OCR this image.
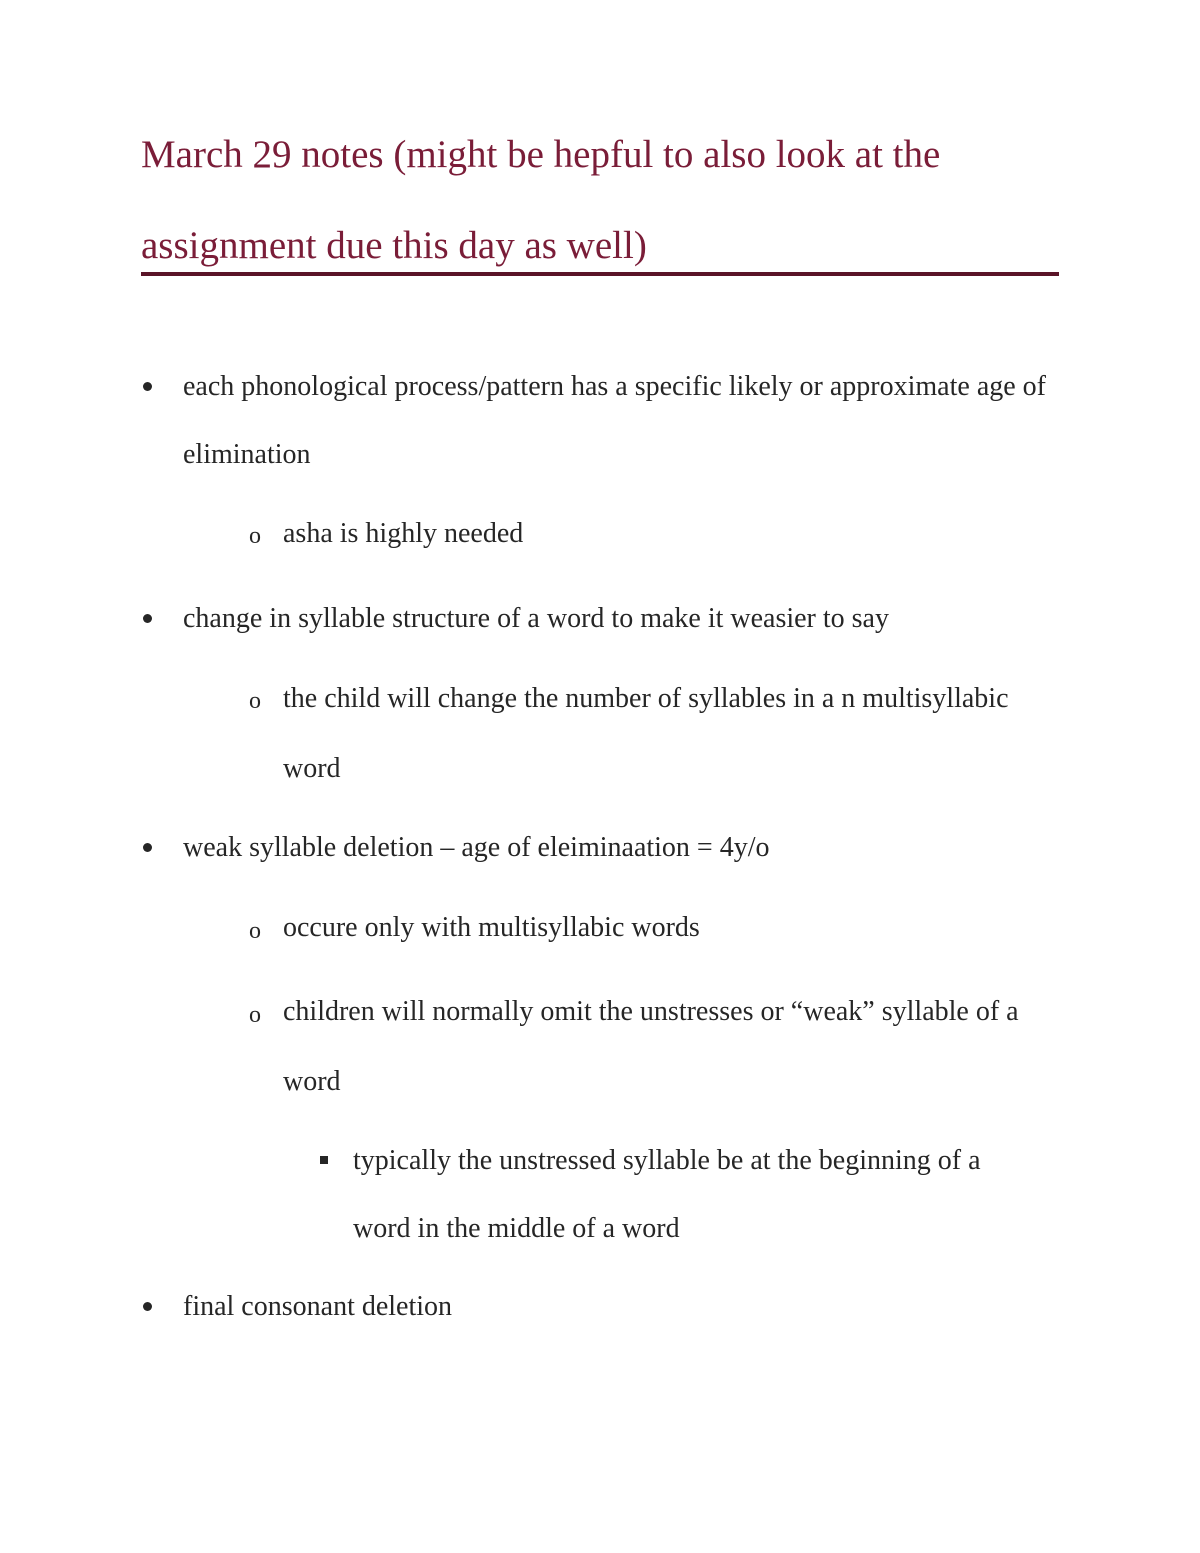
March 29 notes (might be hepful to also look at the assignment due this day as well)
each phonological process/pattern has a specific likely or approximate age of elimination
o asha is highly needed
change in syllable structure of a word to make it weasier to say
o the child will change the number of syllables in a n multisyllabic word
weak syllable deletion – age of eleiminaation = 4y/o
o occure only with multisyllabic words
o children will normally omit the unstresses or “weak” syllable of a word
typically the unstressed syllable be at the beginning of a word in the middle of a word
final consonant deletion
